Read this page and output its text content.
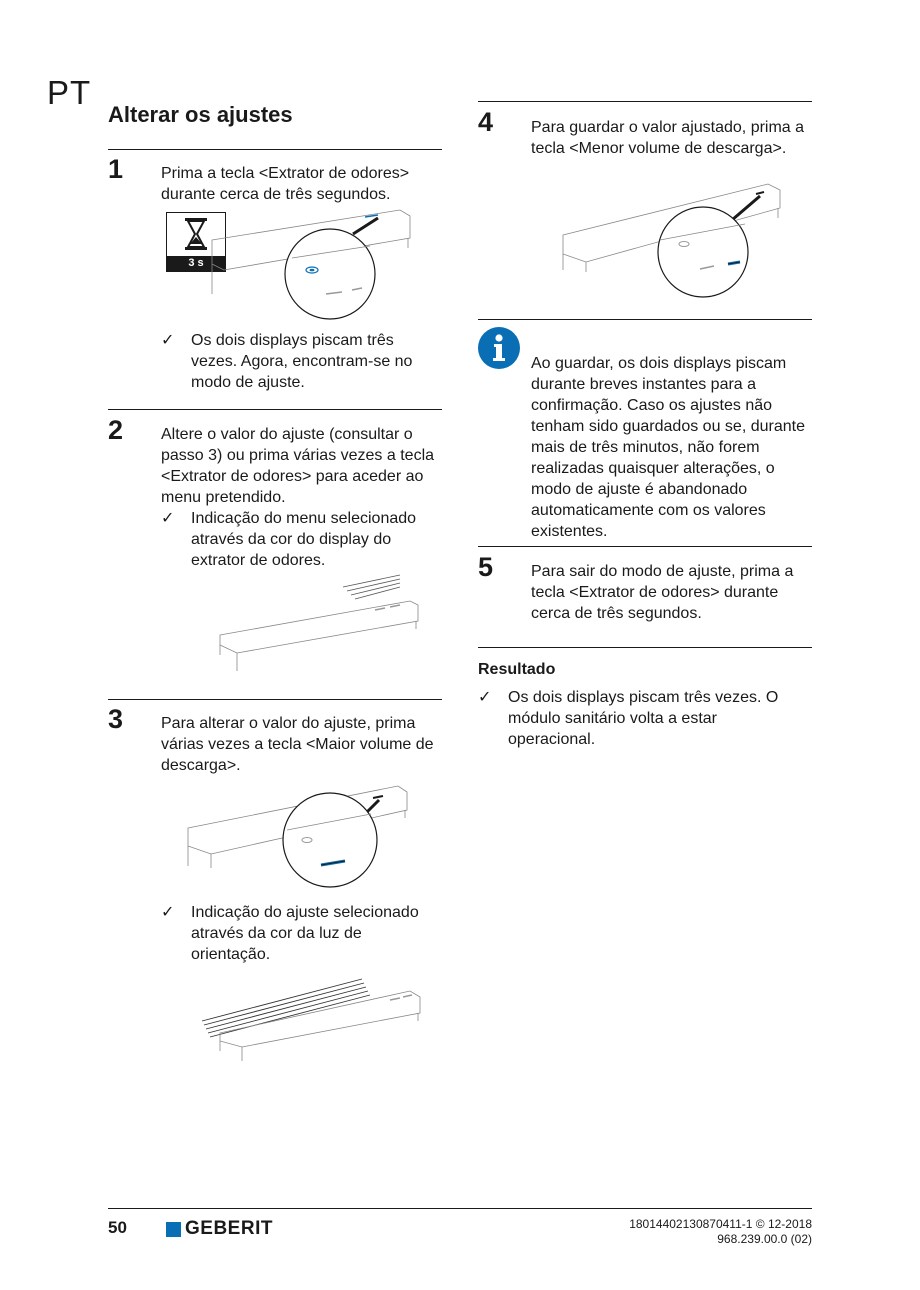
PT
Alterar os ajustes
1 Prima a tecla <Extrator de odores> durante cerca de três segundos.
3 s
✓ Os dois displays piscam três vezes. Agora, encontram-se no modo de ajuste.
2 Altere o valor do ajuste (consultar o passo 3) ou prima várias vezes a tecla <Extrator de odores> para aceder ao menu pretendido.
✓ Indicação do menu selecionado através da cor do display do extrator de odores.
3 Para alterar o valor do ajuste, prima várias vezes a tecla <Maior volume de descarga>.
✓ Indicação do ajuste selecionado através da cor da luz de orientação.
4 Para guardar o valor ajustado, prima a tecla <Menor volume de descarga>.
Ao guardar, os dois displays piscam durante breves instantes para a confirmação. Caso os ajustes não tenham sido guardados ou se, durante mais de três minutos, não forem realizadas quaisquer alterações, o modo de ajuste é abandonado automaticamente com os valores existentes.
5 Para sair do modo de ajuste, prima a tecla <Extrator de odores> durante cerca de três segundos.
Resultado
✓ Os dois displays piscam três vezes. O módulo sanitário volta a estar operacional.
50	GEBERIT	18014402130870411-1 © 12-2018
968.239.00.0 (02)
